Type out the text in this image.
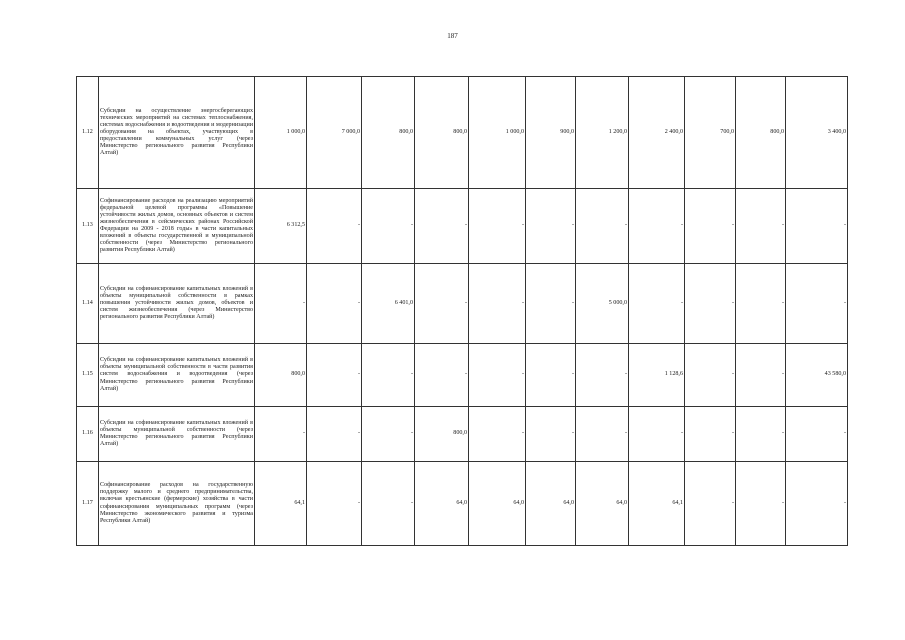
187
1.12	Субсидии на осуществление энергосберегающих технических мероприятий на системах теплоснабжения, системах водоснабжения и водоотведения и модернизации оборудования на объектах, участвующих в предоставлении коммунальных услуг (через Министерство регионального развития Республики Алтай)	1 000,0	7 000,0	800,0	800,0	1 000,0	900,0	1 200,0	2 400,0	700,0	800,0	3 400,0
1.13	Софинансирование расходов на реализацию мероприятий федеральной целевой программы «Повышение устойчивости жилых домов, основных объектов и систем жизнеобеспечения в сейсмических районах Российской Федерации на 2009 - 2018 годы» в части капитальных вложений в объекты государственной и муниципальной собственности (через Министерство регионального развития Республики Алтай)	6 312,5	-	-	-	-	-	-	-	-	-	-
1.14	Субсидии на софинансирование капитальных вложений в объекты муниципальной собственности в рамках повышения устойчивости жилых домов, объектов и систем жизнеобеспечения (через Министерство регионального развития Республики Алтай)	-	-	6 401,0	-	-	-	5 000,0	-	-	-	-
1.15	Субсидии на софинансирование капитальных вложений в объекты муниципальной собственности в части развития систем водоснабжения и водоотведения (через Министерство регионального развития Республики Алтай)	800,0	-	-	-	-	-	-	1 128,6	-	-	43 580,0
1.16	Субсидии на софинансирование капитальных вложений в объекты муниципальной собственности (через Министерство регионального развития Республики Алтай)	-	-	-	800,0	-	-	-	-	-	-	-
1.17	Софинансирование расходов на государственную поддержку малого и среднего предпринимательства, включая крестьянские (фермерские) хозяйства в части софинансирования муниципальных программ (через Министерство экономического развития и туризма Республики Алтай)	64,1	-	-	64,0	64,0	64,0	64,0	64,1	-	-	-
